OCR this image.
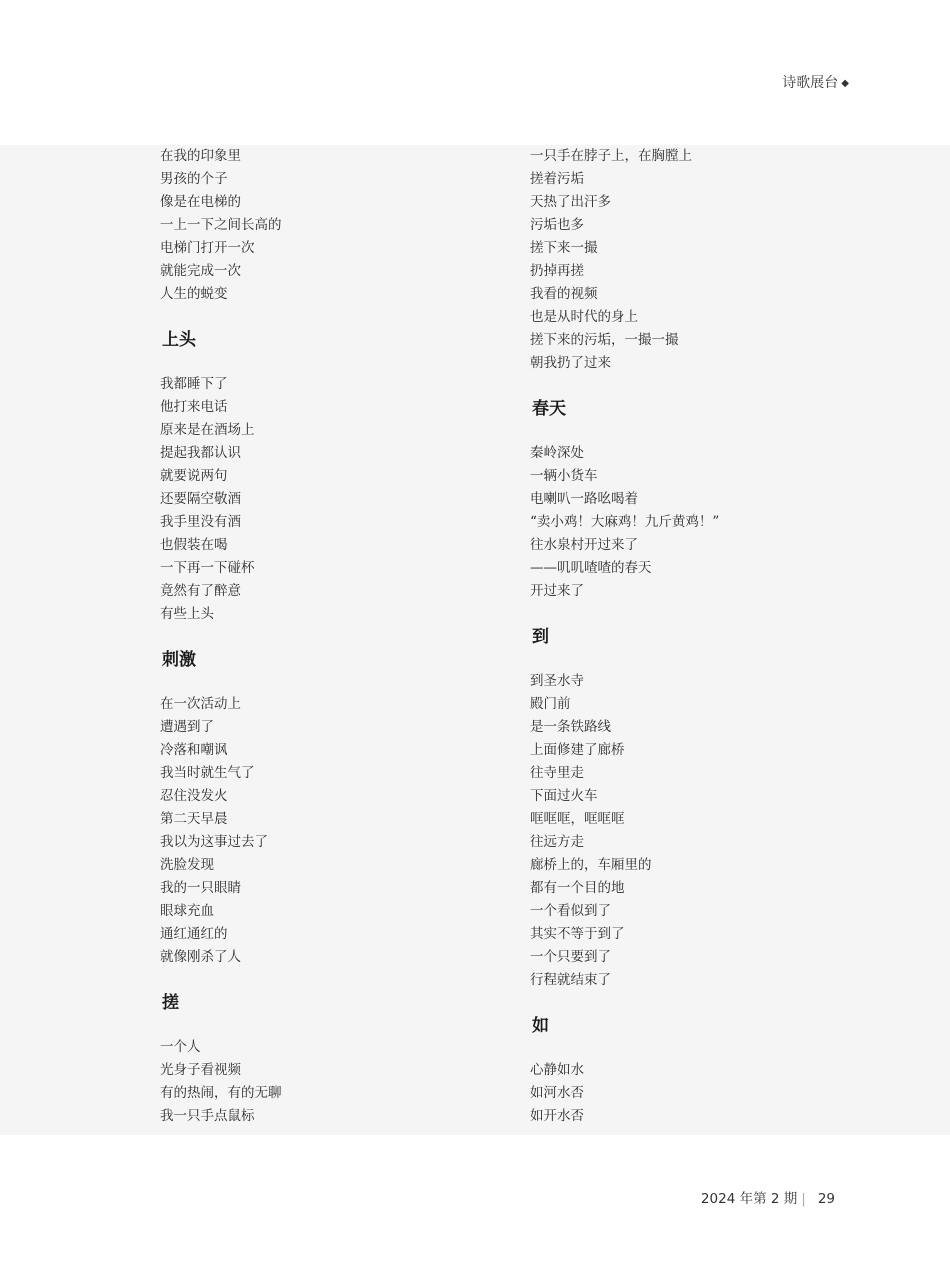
诗歌展台 ◆
在我的印象里
男孩的个子
像是在电梯的
一上一下之间长高的
电梯门打开一次
就能完成一次
人生的蜕变
上头
我都睡下了
他打来电话
原来是在酒场上
提起我都认识
就要说两句
还要隔空敬酒
我手里没有酒
也假装在喝
一下再一下碰杯
竟然有了醉意
有些上头
刺激
在一次活动上
遭遇到了
冷落和嘲讽
我当时就生气了
忍住没发火
第二天早晨
我以为这事过去了
洗脸发现
我的一只眼睛
眼球充血
通红通红的
就像刚杀了人
搓
一个人
光身子看视频
有的热闹，有的无聊
我一只手点鼠标
一只手在脖子上，在胸膛上
搓着污垢
天热了出汗多
污垢也多
搓下来一撮
扔掉再搓
我看的视频
也是从时代的身上
搓下来的污垢，一撮一撮
朝我扔了过来
春天
秦岭深处
一辆小货车
电喇叭一路吆喝着
“卖小鸡！大麻鸡！九斤黄鸡！”
往水泉村开过来了
——叽叽喳喳的春天
开过来了
到
到圣水寺
殿门前
是一条铁路线
上面修建了廊桥
往寺里走
下面过火车
哐哐哐，哐哐哐
往远方走
廊桥上的，车厢里的
都有一个目的地
一个看似到了
其实不等于到了
一个只要到了
行程就结束了
如
心静如水
如河水否
如开水否
2024 年第 2 期 | 29
